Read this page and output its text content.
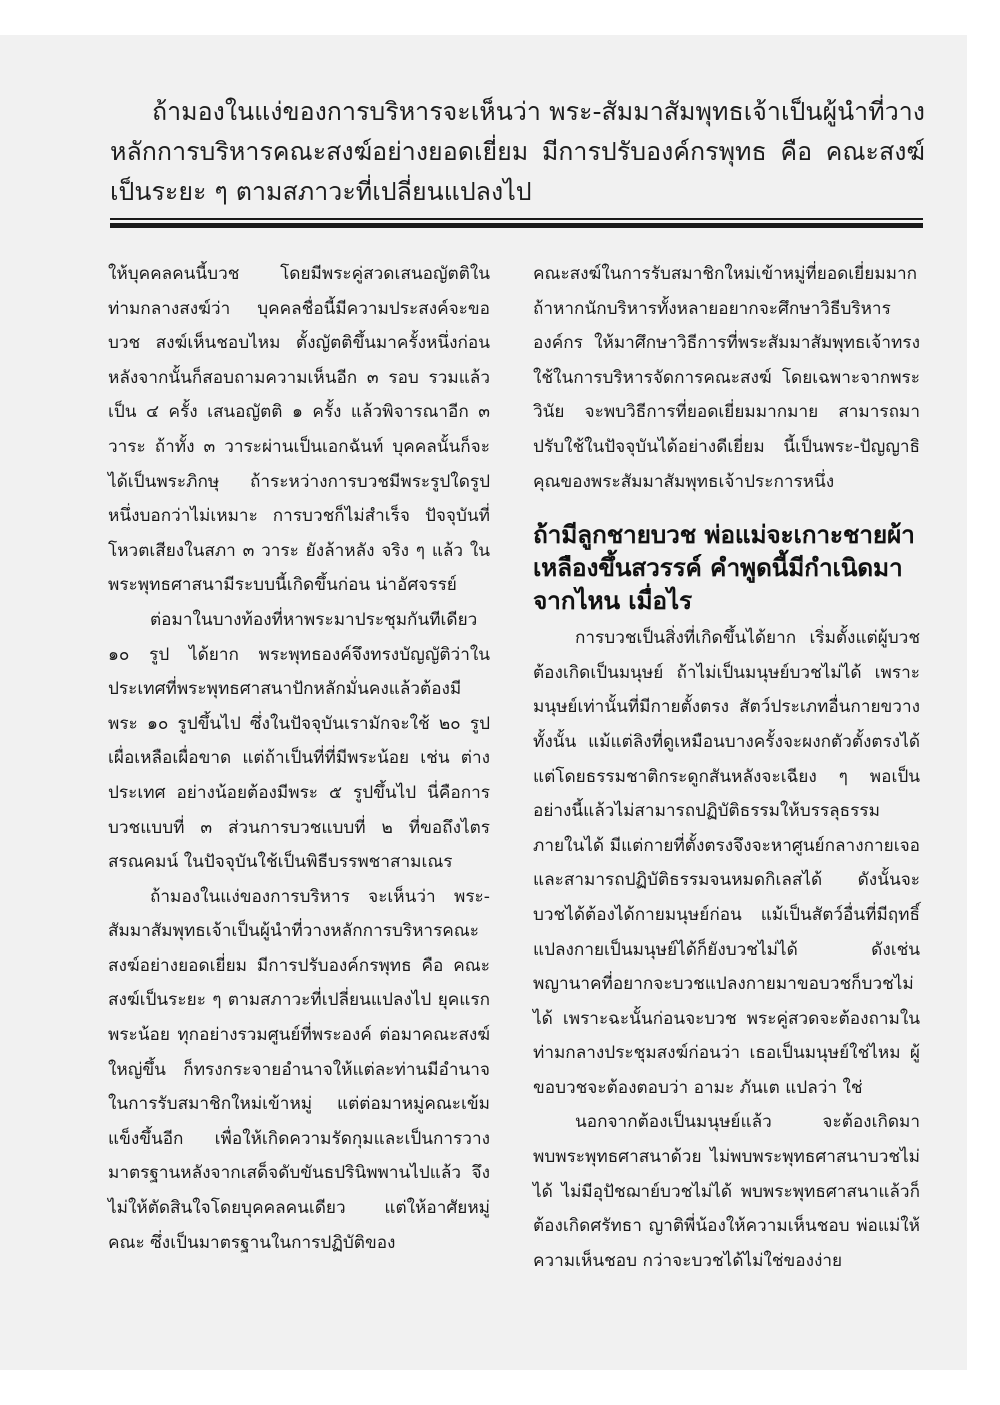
ถ้ามองในแง่ของการบริหารจะเห็นว่า พระ-สัมมาสัมพุทธเจ้าเป็นผู้นำที่วางหลักการบริหารคณะสงฆ์อย่างยอดเยี่ยม มีการปรับองค์กรพุทธ คือ คณะสงฆ์เป็นระยะ ๆ ตามสภาวะที่เปลี่ยนแปลงไป

ให้บุคคลคนนี้บวช โดยมีพระคู่สวดเสนอญัตติในท่ามกลางสงฆ์ว่า บุคคลชื่อนี้มีความประสงค์จะขอบวช สงฆ์เห็นชอบไหม ตั้งญัตติขึ้นมาครั้งหนึ่งก่อน หลังจากนั้นก็สอบถามความเห็นอีก ๓ รอบ รวมแล้วเป็น ๔ ครั้ง เสนอญัตติ ๑ ครั้ง แล้วพิจารณาอีก ๓ วาระ ถ้าทั้ง ๓ วาระผ่านเป็นเอกฉันท์ บุคคลนั้นก็จะได้เป็นพระภิกษุ ถ้าระหว่างการบวชมีพระรูปใดรูปหนึ่งบอกว่าไม่เหมาะ การบวชก็ไม่สำเร็จ ปัจจุบันที่โหวตเสียงในสภา ๓ วาระ ยังล้าหลัง จริง ๆ แล้ว ในพระพุทธศาสนามีระบบนี้เกิดขึ้นก่อน น่าอัศจรรย์

ต่อมาในบางท้องที่หาพระมาประชุมกันทีเดียว ๑๐ รูป ได้ยาก พระพุทธองค์จึงทรงบัญญัติว่าในประเทศที่พระพุทธศาสนาปักหลักมั่นคงแล้วต้องมีพระ ๑๐ รูปขึ้นไป ซึ่งในปัจจุบันเรามักจะใช้ ๒๐ รูป เผื่อเหลือเผื่อขาด แต่ถ้าเป็นที่ที่มีพระน้อย เช่น ต่างประเทศ อย่างน้อยต้องมีพระ ๕ รูปขึ้นไป นี่คือการบวชแบบที่ ๓ ส่วนการบวชแบบที่ ๒ ที่ขอถึงไตรสรณคมน์ ในปัจจุบันใช้เป็นพิธีบรรพชาสามเณร

ถ้ามองในแง่ของการบริหาร จะเห็นว่า พระ-สัมมาสัมพุทธเจ้าเป็นผู้นำที่วางหลักการบริหารคณะสงฆ์อย่างยอดเยี่ยม มีการปรับองค์กรพุทธ คือ คณะสงฆ์เป็นระยะ ๆ ตามสภาวะที่เปลี่ยนแปลงไป ยุคแรกพระน้อย ทุกอย่างรวมศูนย์ที่พระองค์ ต่อมาคณะสงฆ์ใหญ่ขึ้น ก็ทรงกระจายอำนาจให้แต่ละท่านมีอำนาจในการรับสมาชิกใหม่เข้าหมู่ แต่ต่อมาหมู่คณะเข้มแข็งขึ้นอีก เพื่อให้เกิดความรัดกุมและเป็นการวางมาตรฐานหลังจากเสด็จดับขันธปรินิพพานไปแล้ว จึงไม่ให้ตัดสินใจโดยบุคคลคนเดียว แต่ให้อาศัยหมู่คณะ ซึ่งเป็นมาตรฐานในการปฏิบัติของ

คณะสงฆ์ในการรับสมาชิกใหม่เข้าหมู่ที่ยอดเยี่ยมมาก ถ้าหากนักบริหารทั้งหลายอยากจะศึกษาวิธีบริหารองค์กร ให้มาศึกษาวิธีการที่พระสัมมาสัมพุทธเจ้าทรงใช้ในการบริหารจัดการคณะสงฆ์ โดยเฉพาะจากพระวินัย จะพบวิธีการที่ยอดเยี่ยมมากมาย สามารถมาปรับใช้ในปัจจุบันได้อย่างดีเยี่ยม นี้เป็นพระ-ปัญญาธิคุณของพระสัมมาสัมพุทธเจ้าประการหนึ่ง

ถ้ามีลูกชายบวช พ่อแม่จะเกาะชายผ้าเหลืองขึ้นสวรรค์ คำพูดนี้มีกำเนิดมาจากไหน เมื่อไร

การบวชเป็นสิ่งที่เกิดขึ้นได้ยาก เริ่มตั้งแต่ผู้บวชต้องเกิดเป็นมนุษย์ ถ้าไม่เป็นมนุษย์บวชไม่ได้ เพราะมนุษย์เท่านั้นที่มีกายตั้งตรง สัตว์ประเภทอื่นกายขวางทั้งนั้น แม้แต่ลิงที่ดูเหมือนบางครั้งจะผงกตัวตั้งตรงได้ แต่โดยธรรมชาติกระดูกสันหลังจะเฉียง ๆ พอเป็นอย่างนี้แล้วไม่สามารถปฏิบัติธรรมให้บรรลุธรรมภายในได้ มีแต่กายที่ตั้งตรงจึงจะหาศูนย์กลางกายเจอ และสามารถปฏิบัติธรรมจนหมดกิเลสได้ ดังนั้นจะบวชได้ต้องได้กายมนุษย์ก่อน แม้เป็นสัตว์อื่นที่มีฤทธิ์แปลงกายเป็นมนุษย์ได้ก็ยังบวชไม่ได้ ดังเช่นพญานาคที่อยากจะบวชแปลงกายมาขอบวชก็บวชไม่ได้ เพราะฉะนั้นก่อนจะบวช พระคู่สวดจะต้องถามในท่ามกลางประชุมสงฆ์ก่อนว่า เธอเป็นมนุษย์ใช่ไหม ผู้ขอบวชจะต้องตอบว่า อามะ ภันเต แปลว่า ใช่

นอกจากต้องเป็นมนุษย์แล้ว จะต้องเกิดมาพบพระพุทธศาสนาด้วย ไม่พบพระพุทธศาสนาบวชไม่ได้ ไม่มีอุปัชฌาย์บวชไม่ได้ พบพระพุทธศาสนาแล้วก็ต้องเกิดศรัทธา ญาติพี่น้องให้ความเห็นชอบ พ่อแม่ให้ความเห็นชอบ กว่าจะบวชได้ไม่ใช่ของง่าย
